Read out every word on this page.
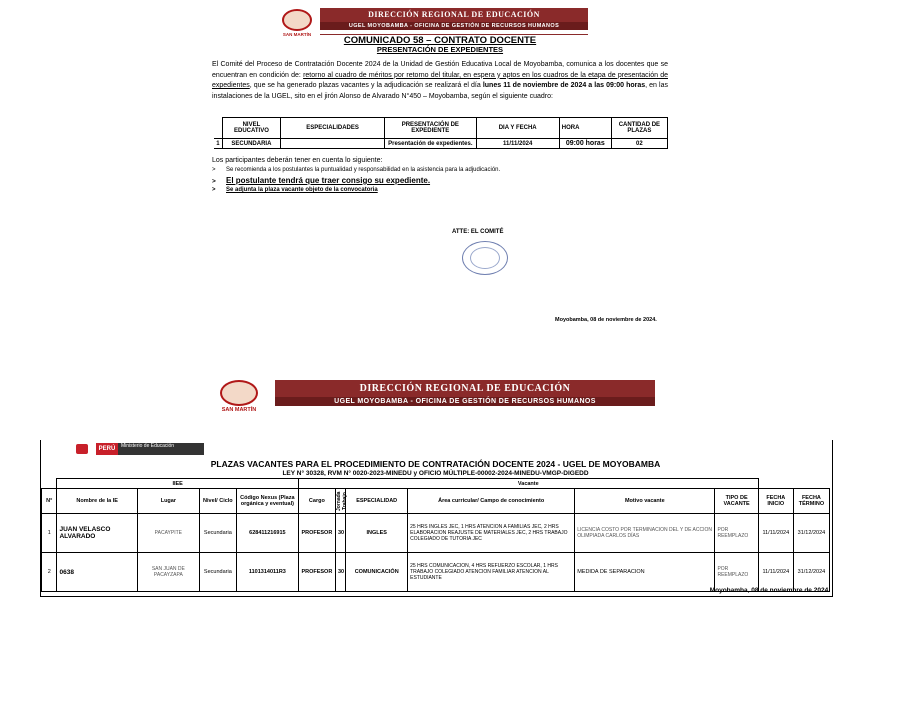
SAN MARTÍN
DIRECCIÓN REGIONAL DE EDUCACIÓN
UGEL MOYOBAMBA - OFICINA DE GESTIÓN DE RECURSOS HUMANOS
COMUNICADO 58 – CONTRATO DOCENTE
PRESENTACIÓN DE EXPEDIENTES
El Comité del Proceso de Contratación Docente 2024 de la Unidad de Gestión Educativa Local de Moyobamba, comunica a los docentes que se encuentran en condición de: retorno al cuadro de méritos por retorno del titular, en espera y aptos en los cuadros de la etapa de presentación de expedientes, que se ha generado plazas vacantes y la adjudicación se realizará el día lunes 11 de noviembre de 2024 a las 09:00 horas, en las instalaciones de la UGEL, sito en el jirón Alonso de Alvarado N°450 – Moyobamba, según el siguiente cuadro:
	NIVEL EDUCATIVO	ESPECIALIDADES	PRESENTACIÓN DE EXPEDIENTE	DIA Y FECHA	HORA	CANTIDAD DE PLAZAS
1	SECUNDARIA		Presentación de expedientes.	11/11/2024	09:00 horas	02
Los participantes deberán tener en cuenta lo siguiente:
> Se recomienda a los postulantes la puntualidad y responsabilidad en la asistencia para la adjudicación.
> El postulante tendrá que traer consigo su expediente.
> Se adjunta la plaza vacante objeto de la convocatoria
ATTE: EL COMITÉ
Moyobamba, 08 de noviembre de 2024.
SAN MARTÍN
DIRECCIÓN REGIONAL DE EDUCACIÓN
UGEL MOYOBAMBA - OFICINA DE GESTIÓN DE RECURSOS HUMANOS
PERÚ	Ministerio de Educación
PLAZAS VACANTES PARA EL PROCEDIMIENTO DE CONTRATACIÓN DOCENTE 2024 - UGEL DE MOYOBAMBA
LEY N° 30328, RVM N° 0020-2023-MINEDU y OFICIO MÚLTIPLE-00002-2024-MINEDU-VMGP-DIGEDD
	IIEE				Vacante							
N°	Nombre de la IE	Lugar	Nivel/ Ciclo	Código Nexus (Plaza orgánica y eventual)	Cargo	Jornada Trabajo	ESPECIALIDAD	Área curricular/ Campo de conocimiento	Motivo vacante	TIPO DE VACANTE	FECHA INICIO	FECHA TÉRMINO
1	JUAN VELASCO ALVARADO	PACAYPITE	Secundaria	628411216915	PROFESOR	30	INGLES	25 HRS INGLES JEC, 1 HRS ATENCION A FAMILIAS JEC, 2 HRS ELABORACION REAJUSTE DE MATERIALES JEC, 2 HRS TRABAJO COLEGIADO DE TUTORIA JEC	LICENCIA COSTO POR TERMINACION DEL Y DE ACCION OLIMPIADA CARLOS DÍAS	POR REEMPLAZO	11/11/2024	31/12/2024
2	0638	SAN JUAN DE PACAYZAPA	Secundaria	1101314011R3	PROFESOR	30	COMUNICACIÓN	25 HRS COMUNICACION, 4 HRS REFUERZO ESCOLAR, 1 HRS TRABAJO COLEGIADO ATENCION FAMILIAR ATENCION AL ESTUDIANTE	MEDIDA DE SEPARACION	POR REEMPLAZO	11/11/2024	31/12/2024
Moyobamba, 08 de noviembre de 2024.
